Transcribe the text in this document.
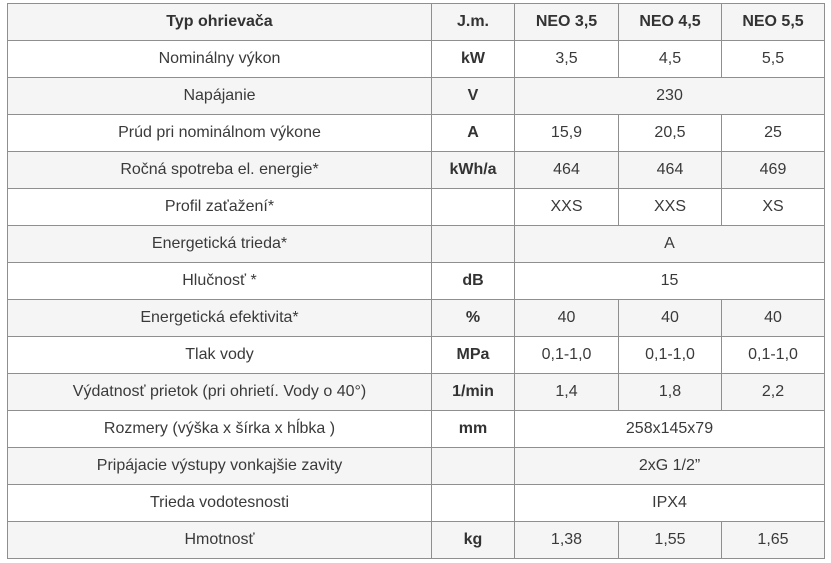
Typ ohrievača	J.m.	NEO 3,5	NEO 4,5	NEO 5,5
Nominálny výkon	kW	3,5	4,5	5,5
Napájanie	V	230		
Prúd pri nominálnom výkone	A	15,9	20,5	25
Ročná spotreba el. energie*	kWh/a	464	464	469
Profil zaťažení*		XXS	XXS	XS
Energetická trieda*		A		
Hlučnosť *	dB	15		
Energetická efektivita*	%	40	40	40
Tlak vody	MPa	0,1-1,0	0,1-1,0	0,1-1,0
Výdatnosť prietok (pri ohrietí. Vody o 40°)	1/min	1,4	1,8	2,2
Rozmery (výška x šírka x hĺbka )	mm	258x145x79		
Pripájacie výstupy vonkajšie zavity		2xG 1/2”		
Trieda vodotesnosti		IPX4		
Hmotnosť	kg	1,38	1,55	1,65
